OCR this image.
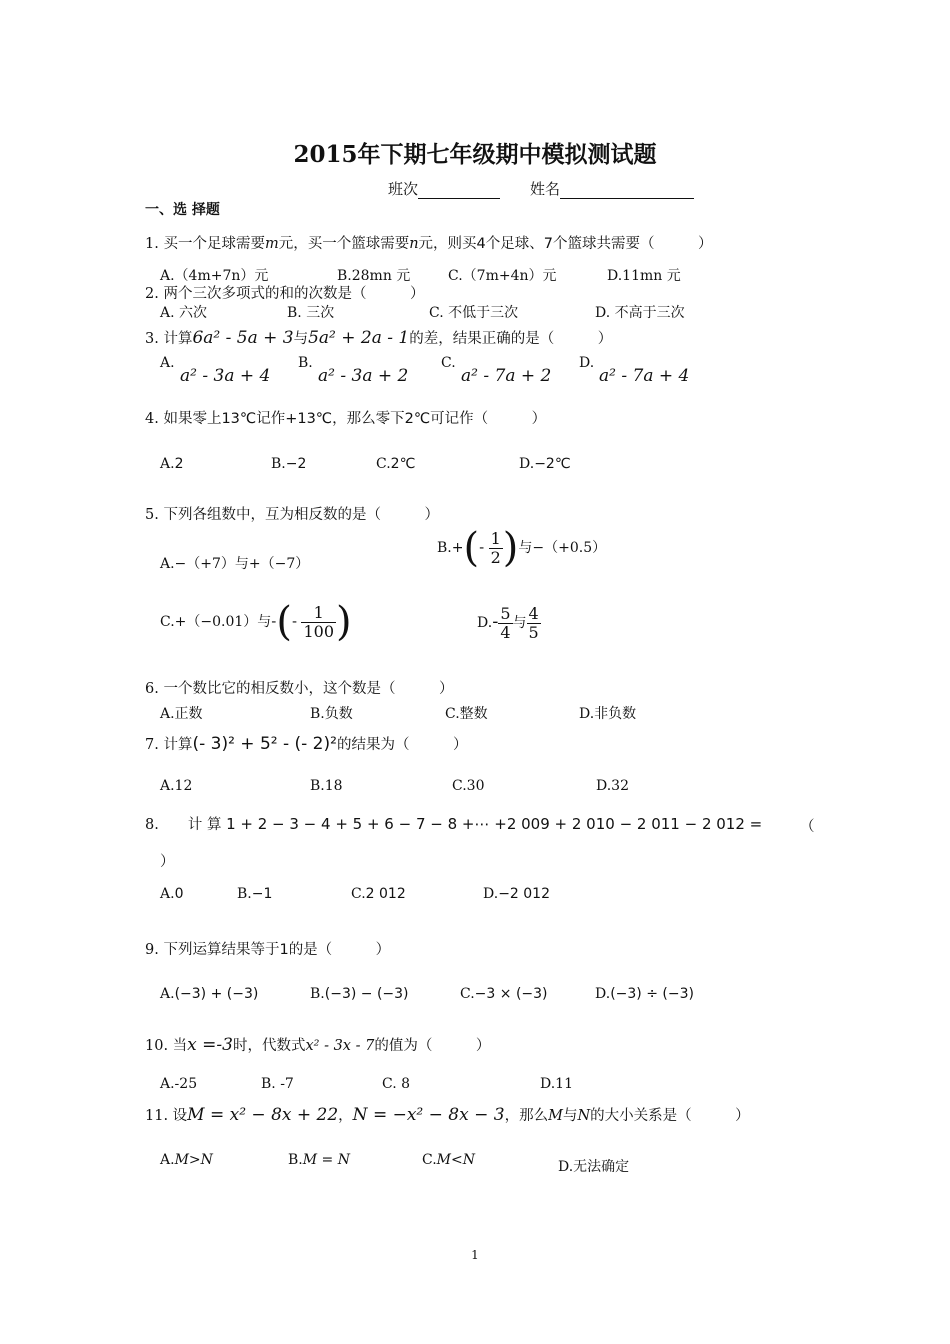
2015年下期七年级期中模拟测试题
班次	姓名
一、选 择题
1. 买一个足球需要m元，买一个篮球需要n元，则买4个足球、7个篮球共需要（　　　）
A.（4m+7n）元	B.28mn 元	C.（7m+4n）元	D.11mn 元
2. 两个三次多项式的和的次数是（　　　）
A. 六次	B. 三次	C. 不低于三次	D. 不高于三次
3. 计算6a² - 5a + 3与5a² + 2a - 1的差，结果正确的是（　　　）
A.
a² - 3a + 4
B.
a² - 3a + 2
C.
a² - 7a + 2
D.
a² - 7a + 4
4. 如果零上13℃记作+13℃，那么零下2℃可记作（　　　）
A.2	B.−2	C.2℃	D.−2℃
5. 下列各组数中，互为相反数的是（　　　）
A.−（+7）与+（−7）
$B.+(- \frac{1}{2}$ )与−（+0.5）
C.+（−0.01）与-(- $\frac{1}{100}$ )	$D.- \frac{5}{4}$ 与 $\frac{4}{5}$
6. 一个数比它的相反数小，这个数是（　　　）
A.正数	B.负数	C.整数	D.非负数
7. 计算(- 3)² + 5² - (- 2)²的结果为（　　　）
A.12	B.18	C.30	D.32
8.　　计 算 1 + 2 − 3 − 4 + 5 + 6 − 7 − 8 +⋯ +2 009 + 2 010 − 2 011 − 2 012 =	（
）
A.0	B.−1	C.2 012	D.−2 012
9. 下列运算结果等于1的是（　　　）
A.(−3) + (−3)	B.(−3) − (−3)	C.−3 × (−3)	D.(−3) ÷ (−3)
10. 当x =-3时，代数式x² - 3x - 7的值为（　　　）
A.-25	B. -7	C. 8	D.11
11. 设M = x² − 8x + 22，N = −x² − 8x − 3，那么M与N的大小关系是（　　　）
A.M>N	B.M = N	C.M<N	D.无法确定
1
